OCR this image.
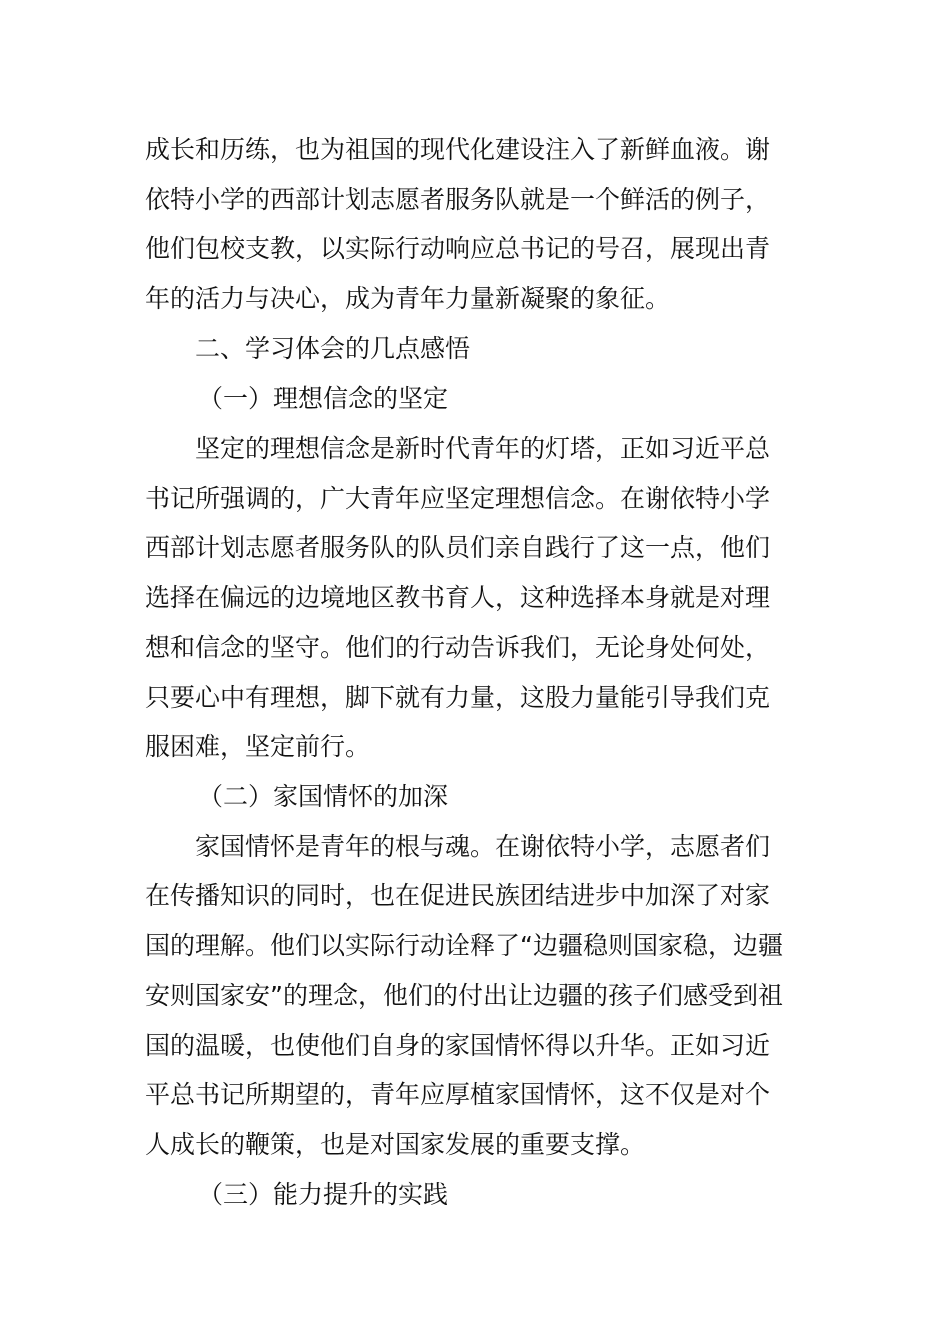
成长和历练，也为祖国的现代化建设注入了新鲜血液。谢
依特小学的西部计划志愿者服务队就是一个鲜活的例子，
他们包校支教，以实际行动响应总书记的号召，展现出青
年的活力与决心，成为青年力量新凝聚的象征。
二、学习体会的几点感悟
（一）理想信念的坚定
坚定的理想信念是新时代青年的灯塔，正如习近平总
书记所强调的，广大青年应坚定理想信念。在谢依特小学
西部计划志愿者服务队的队员们亲自践行了这一点，他们
选择在偏远的边境地区教书育人，这种选择本身就是对理
想和信念的坚守。他们的行动告诉我们，无论身处何处，
只要心中有理想，脚下就有力量，这股力量能引导我们克
服困难，坚定前行。
（二）家国情怀的加深
家国情怀是青年的根与魂。在谢依特小学，志愿者们
在传播知识的同时，也在促进民族团结进步中加深了对家
国的理解。他们以实际行动诠释了“边疆稳则国家稳，边疆
安则国家安”的理念，他们的付出让边疆的孩子们感受到祖
国的温暖，也使他们自身的家国情怀得以升华。正如习近
平总书记所期望的，青年应厚植家国情怀，这不仅是对个
人成长的鞭策，也是对国家发展的重要支撑。
（三）能力提升的实践
